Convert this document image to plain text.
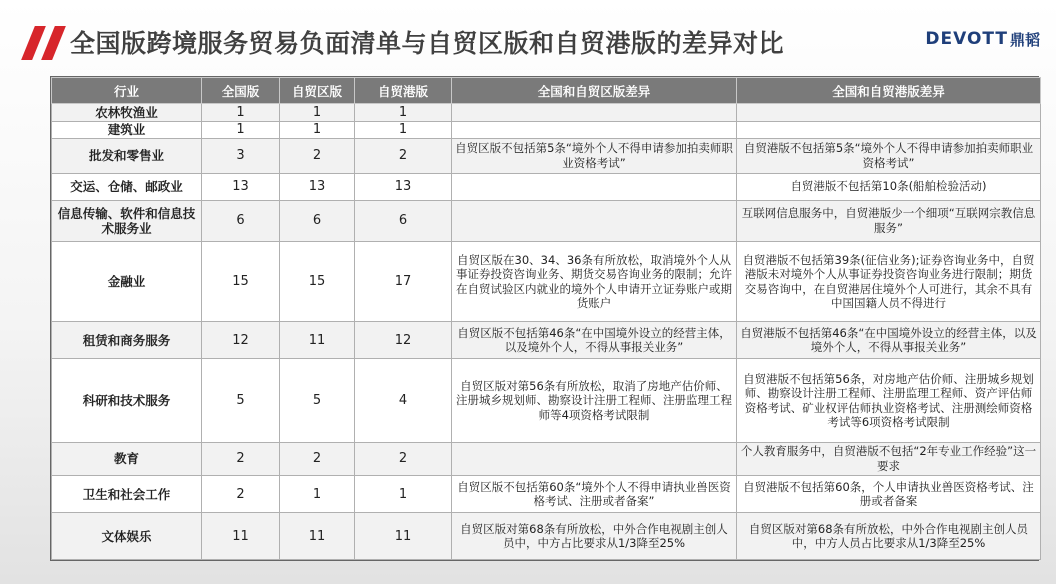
全国版跨境服务贸易负面清单与自贸区版和自贸港版的差异对比	DEVOTT 鼎韬
行业	全国版	自贸区版	自贸港版	全国和自贸区版差异	全国和自贸港版差异
农林牧渔业	1	1	1		
建筑业	1	1	1		
批发和零售业	3	2	2	自贸区版不包括第5条“境外个人不得申请参加拍卖师职业资格考试”	自贸港版不包括第5条“境外个人不得申请参加拍卖师职业资格考试”
交运、仓储、邮政业	13	13	13		自贸港版不包括第10条(船舶检验活动)
信息传输、软件和信息技术服务业	6	6	6		互联网信息服务中，自贸港版少一个细项“互联网宗教信息服务”
金融业	15	15	17	自贸区版在30、34、36条有所放松，取消境外个人从事证券投资咨询业务、期货交易咨询业务的限制；允许在自贸试验区内就业的境外个人申请开立证券账户或期货账户	自贸港版不包括第39条(征信业务);证券咨询业务中，自贸港版未对境外个人从事证券投资咨询业务进行限制；期货交易咨询中，在自贸港居住境外个人可进行，其余不具有中国国籍人员不得进行
租赁和商务服务	12	11	12	自贸区版不包括第46条“在中国境外设立的经营主体，以及境外个人，不得从事报关业务”	自贸港版不包括第46条“在中国境外设立的经营主体，以及境外个人，不得从事报关业务”
科研和技术服务	5	5	4	自贸区版对第56条有所放松，取消了房地产估价师、注册城乡规划师、勘察设计注册工程师、注册监理工程师等4项资格考试限制	自贸港版不包括第56条，对房地产估价师、注册城乡规划师、勘察设计注册工程师、注册监理工程师、资产评估师资格考试、矿业权评估师执业资格考试、注册测绘师资格考试等6项资格考试限制
教育	2	2	2		个人教育服务中，自贸港版不包括“2年专业工作经验”这一要求
卫生和社会工作	2	1	1	自贸区版不包括第60条“境外个人不得申请执业兽医资格考试、注册或者备案”	自贸港版不包括第60条，个人申请执业兽医资格考试、注册或者备案
文体娱乐	11	11	11	自贸区版对第68条有所放松，中外合作电视剧主创人员中，中方占比要求从1/3降至25%	自贸区版对第68条有所放松，中外合作电视剧主创人员中，中方人员占比要求从1/3降至25%
